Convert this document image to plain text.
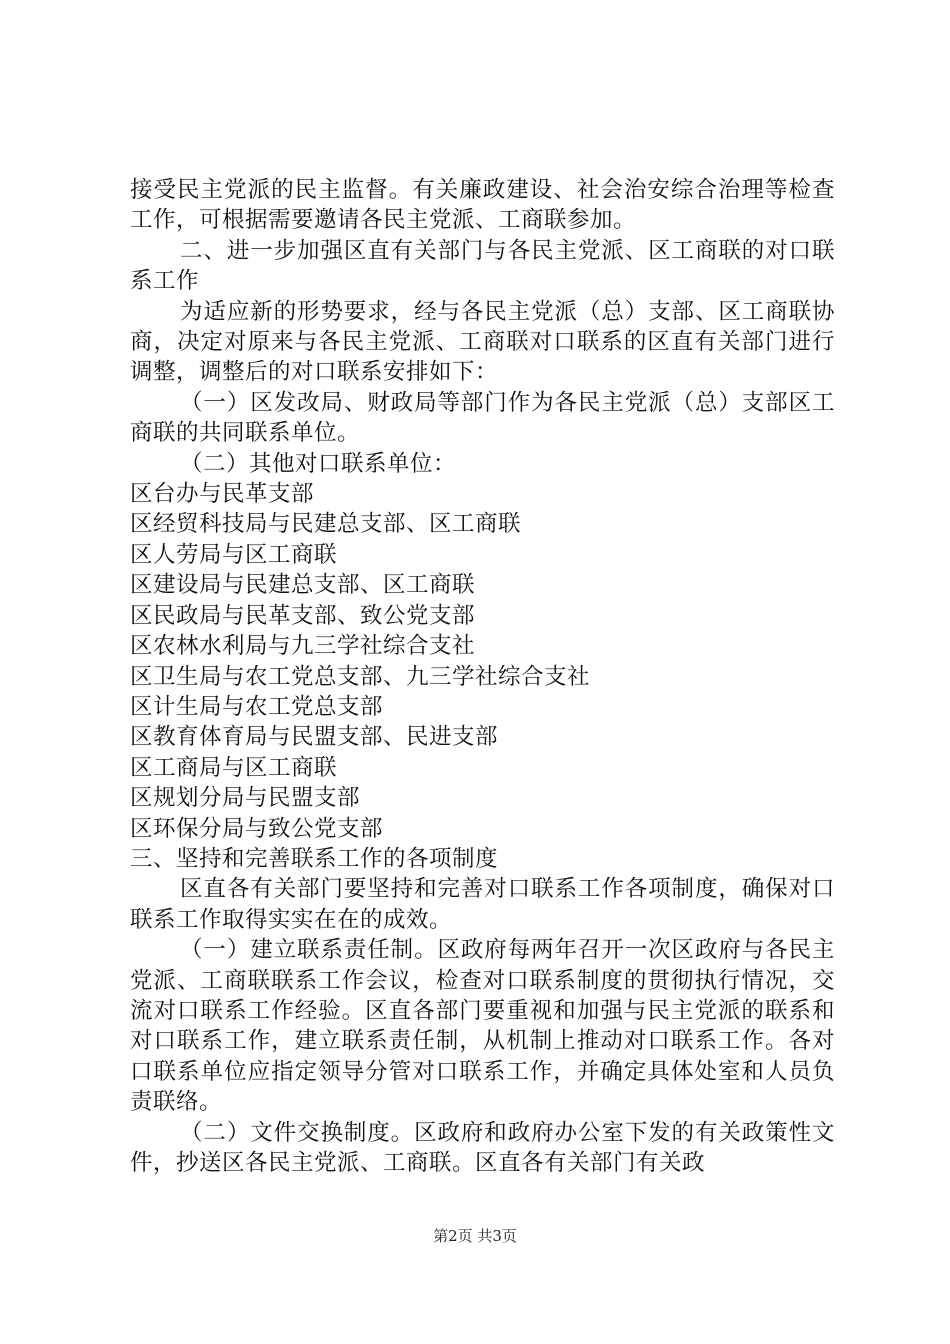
接受民主党派的民主监督。有关廉政建设、社会治安综合治理等检查工作，可根据需要邀请各民主党派、工商联参加。

二、进一步加强区直有关部门与各民主党派、区工商联的对口联系工作

为适应新的形势要求，经与各民主党派（总）支部、区工商联协商，决定对原来与各民主党派、工商联对口联系的区直有关部门进行调整，调整后的对口联系安排如下：

（一）区发改局、财政局等部门作为各民主党派（总）支部区工商联的共同联系单位。

（二）其他对口联系单位：

区台办与民革支部

区经贸科技局与民建总支部、区工商联

区人劳局与区工商联

区建设局与民建总支部、区工商联

区民政局与民革支部、致公党支部

区农林水利局与九三学社综合支社

区卫生局与农工党总支部、九三学社综合支社

区计生局与农工党总支部

区教育体育局与民盟支部、民进支部

区工商局与区工商联

区规划分局与民盟支部

区环保分局与致公党支部

三、坚持和完善联系工作的各项制度

区直各有关部门要坚持和完善对口联系工作各项制度，确保对口联系工作取得实实在在的成效。

（一）建立联系责任制。区政府每两年召开一次区政府与各民主党派、工商联联系工作会议，检查对口联系制度的贯彻执行情况，交流对口联系工作经验。区直各部门要重视和加强与民主党派的联系和对口联系工作，建立联系责任制，从机制上推动对口联系工作。各对口联系单位应指定领导分管对口联系工作，并确定具体处室和人员负责联络。

（二）文件交换制度。区政府和政府办公室下发的有关政策性文件，抄送区各民主党派、工商联。区直各有关部门有关政

第2页 共3页
